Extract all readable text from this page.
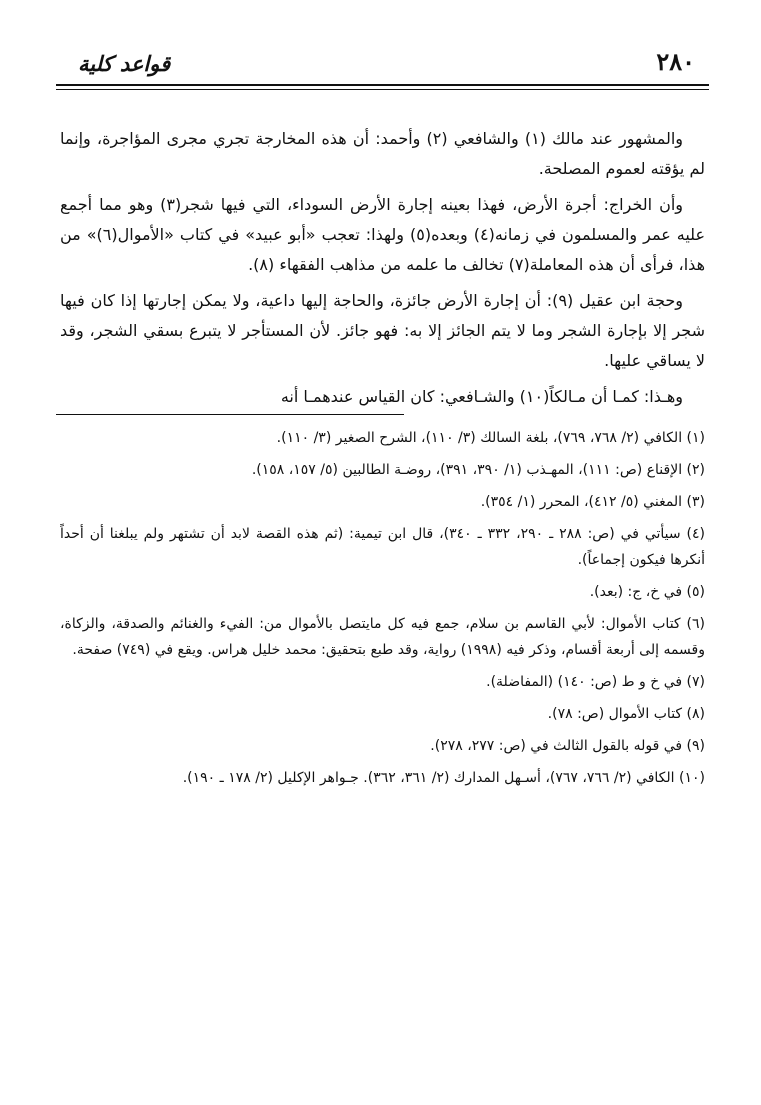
قواعد كلية	٢٨٠

والمشهور عند مالك (١) والشافعي (٢) وأحمد: أن هذه المخارجة تجري مجرى المؤاجرة، وإنما لم يؤقته لعموم المصلحة.

وأن الخراج: أجرة الأرض، فهذا بعينه إجارة الأرض السوداء، التي فيها شجر(٣) وهو مما أجمع عليه عمر والمسلمون في زمانه(٤) وبعده(٥) ولهذا: تعجب «أبو عبيد» في كتاب «الأموال(٦)» من هذا، فرأى أن هذه المعاملة(٧) تخالف ما علمه من مذاهب الفقهاء (٨).

وحجة ابن عقيل (٩): أن إجارة الأرض جائزة، والحاجة إليها داعية، ولا يمكن إجارتها إذا كان فيها شجر إلا بإجارة الشجر وما لا يتم الجائز إلا به: فهو جائز. لأن المستأجر لا يتبرع بسقي الشجر، وقد لا يساقي عليها.

وهـذا: كمـا أن مـالكاً(١٠) والشـافعي: كان القياس عندهمـا أنه

(١) الكافي (٢/ ٧٦٨، ٧٦٩)، بلغة السالك (٣/ ١١٠)، الشرح الصغير (٣/ ١١٠).
(٢) الإقناع (ص: ١١١)، المهـذب (١/ ٣٩٠، ٣٩١)، روضـة الطالبين (٥/ ١٥٧، ١٥٨).
(٣) المغني (٥/ ٤١٢)، المحرر (١/ ٣٥٤).
(٤) سيأتي في (ص: ٢٨٨ ـ ٢٩٠، ٣٣٢ ـ ٣٤٠)، قال ابن تيمية: (ثم هذه القصة لابد أن تشتهر ولم يبلغنا أن أحداً أنكرها فيكون إجماعاً).
(٥) في خ، ج: (بعد).
(٦) كتاب الأموال: لأبي القاسم بن سلام، جمع فيه كل مايتصل بالأموال من: الفيء والغنائم والصدقة، والزكاة، وقسمه إلى أربعة أقسام، وذكر فيه (١٩٩٨) رواية، وقد طبع بتحقيق: محمد خليل هراس. ويقع في (٧٤٩) صفحة.
(٧) في خ و ط (ص: ١٤٠) (المفاضلة).
(٨) كتاب الأموال (ص: ٧٨).
(٩) في قوله بالقول الثالث في (ص: ٢٧٧، ٢٧٨).
(١٠) الكافي (٢/ ٧٦٦، ٧٦٧)، أسـهل المدارك (٢/ ٣٦١، ٣٦٢). جـواهر الإكليل (٢/ ١٧٨ ـ ١٩٠).
